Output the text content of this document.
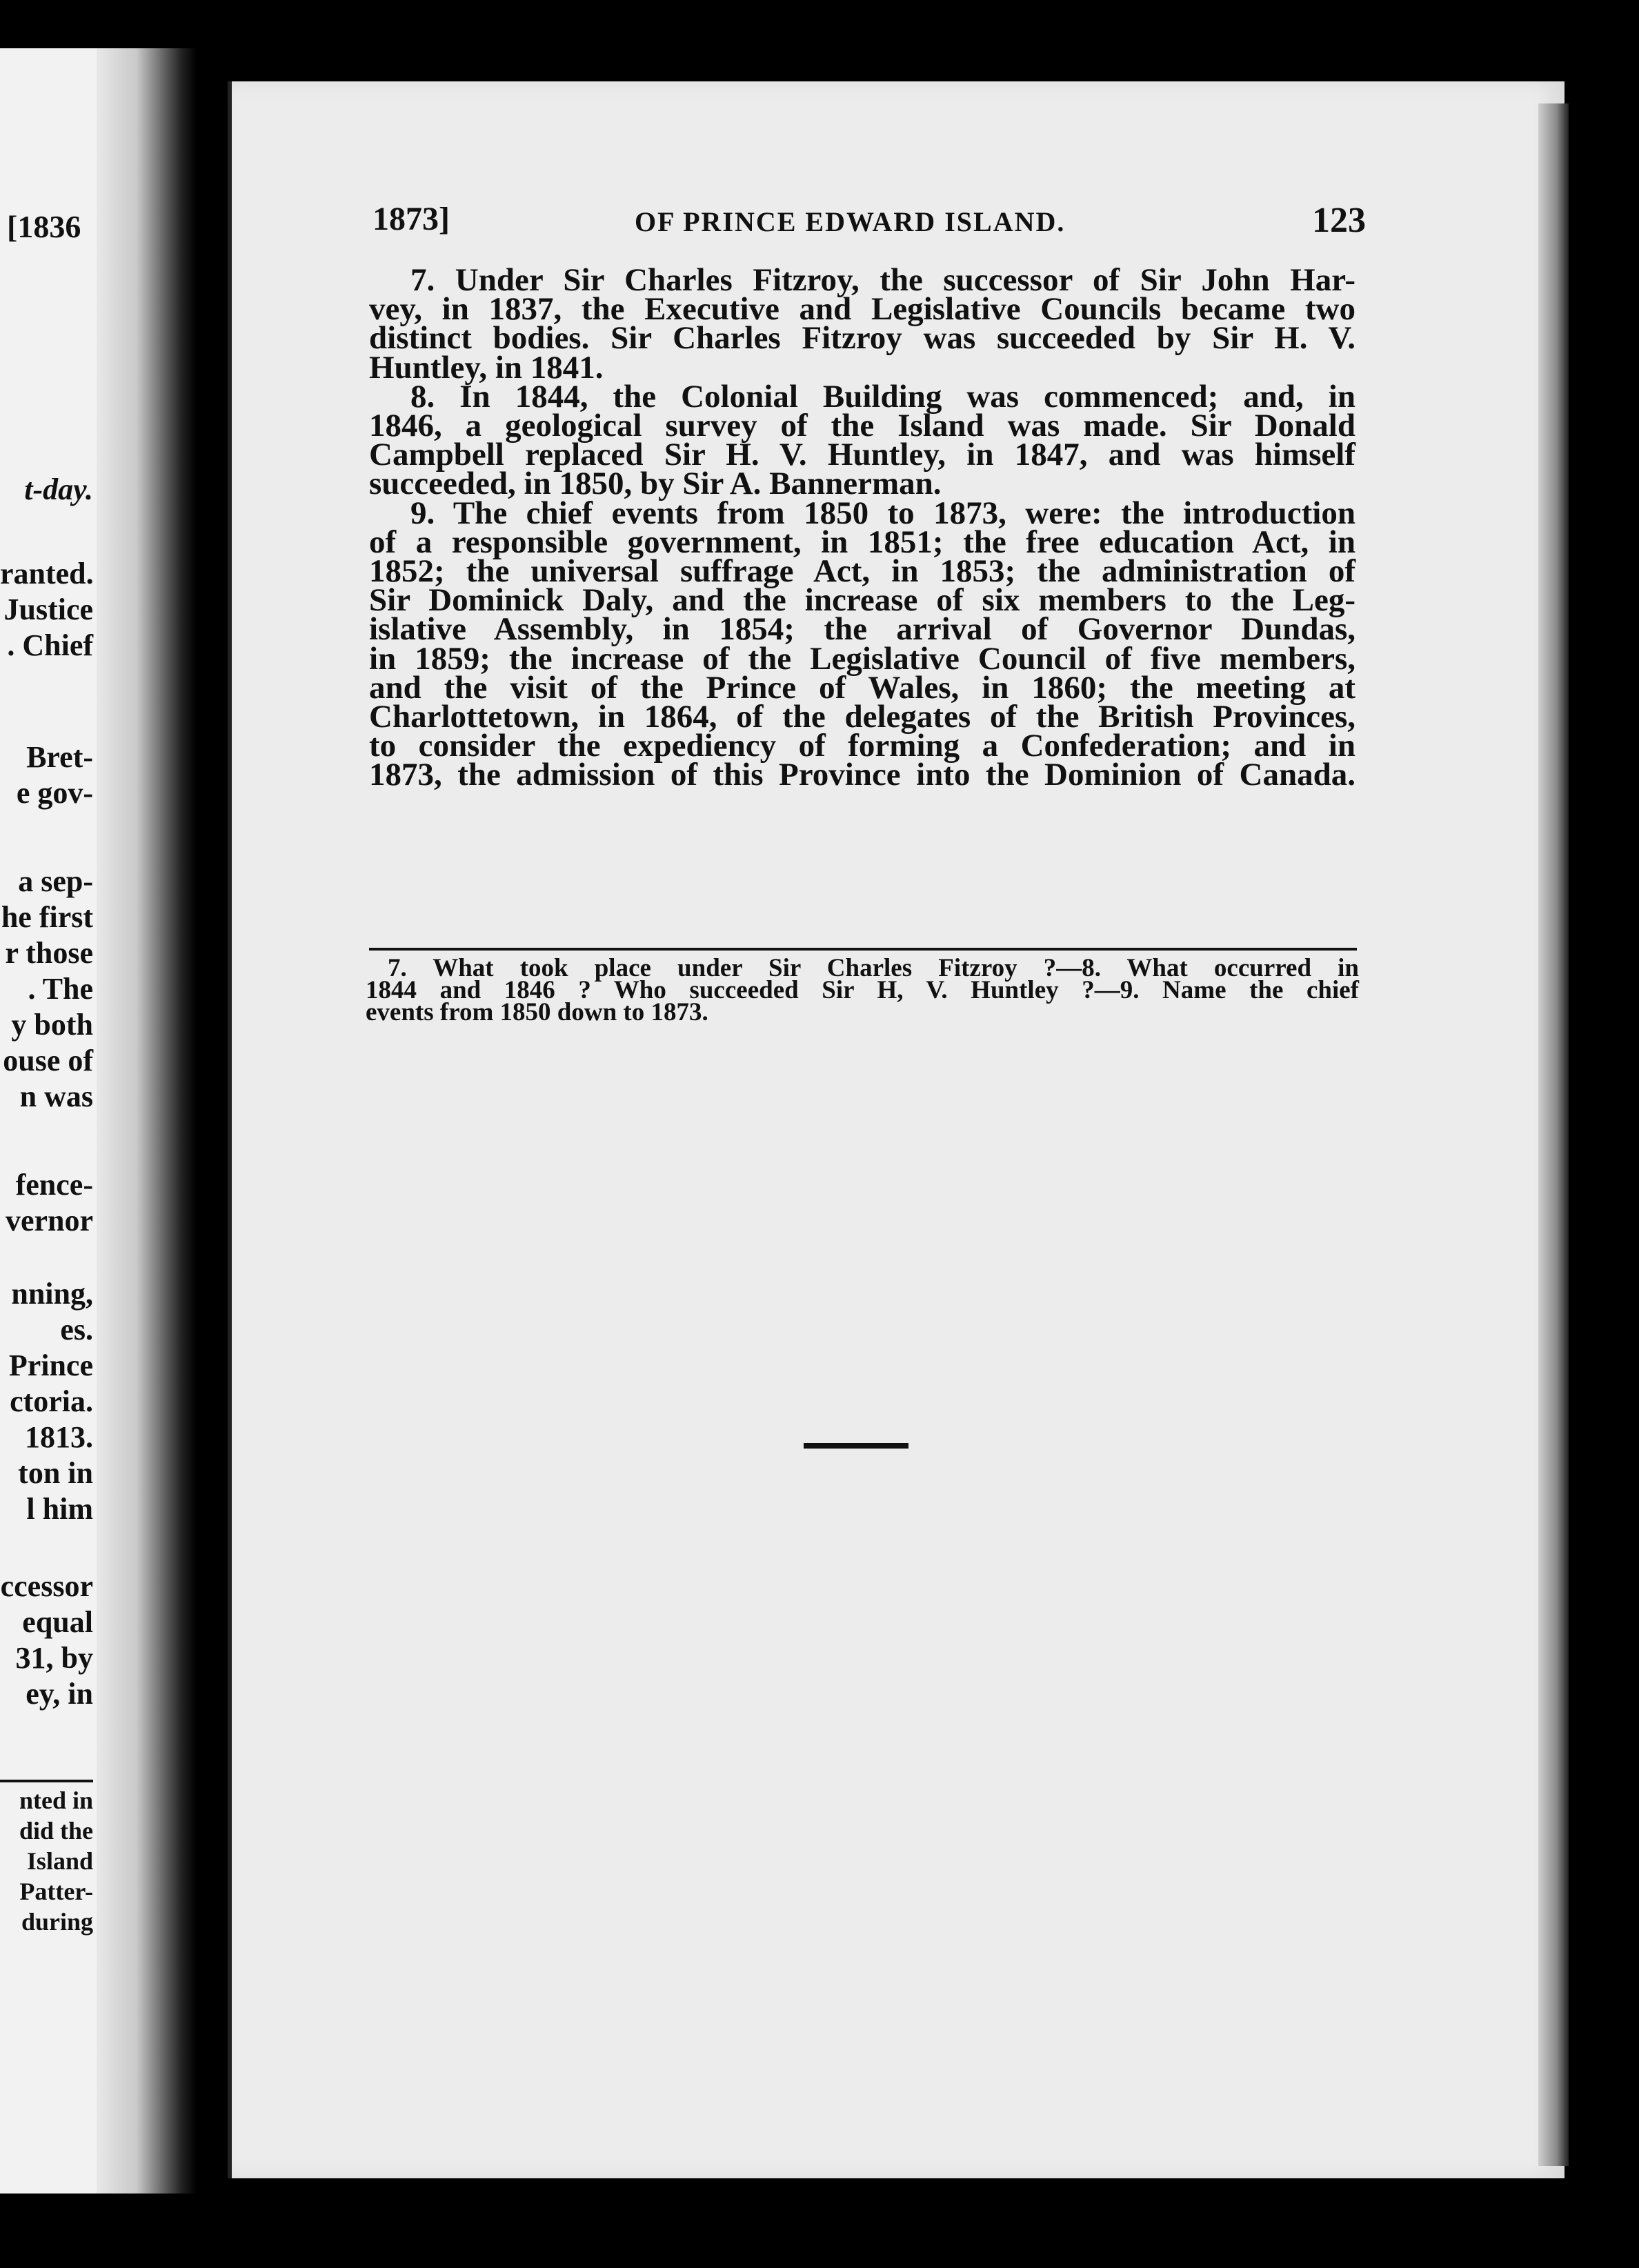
[1836
t-day.
ranted.
Justice
. Chief
Bret-
e gov-
a sep-
he first
r those
. The
y both
ouse of
n was
fence-
vernor
nning,
es.
Prince
ctoria.
1813.
ton in
l him
ccessor
equal
31, by
ey, in
nted in
did the
Island
Patter-
during
1873]	OF PRINCE EDWARD ISLAND.	123
7. Under Sir Charles Fitzroy, the successor of Sir John Har-
vey, in 1837, the Executive and Legislative Councils became two
distinct bodies. Sir Charles Fitzroy was succeeded by Sir H. V.
Huntley, in 1841.
8. In 1844, the Colonial Building was commenced; and, in
1846, a geological survey of the Island was made. Sir Donald
Campbell replaced Sir H. V. Huntley, in 1847, and was himself
succeeded, in 1850, by Sir A. Bannerman.
9. The chief events from 1850 to 1873, were: the introduction
of a responsible government, in 1851; the free education Act, in
1852; the universal suffrage Act, in 1853; the administration of
Sir Dominick Daly, and the increase of six members to the Leg-
islative Assembly, in 1854; the arrival of Governor Dundas,
in 1859; the increase of the Legislative Council of five members,
and the visit of the Prince of Wales, in 1860; the meeting at
Charlottetown, in 1864, of the delegates of the British Provinces,
to consider the expediency of forming a Confederation; and in
1873, the admission of this Province into the Dominion of Canada.
7. What took place under Sir Charles Fitzroy ?—8. What occurred in
1844 and 1846 ? Who succeeded Sir H, V. Huntley ?—9. Name the chief
events from 1850 down to 1873.
